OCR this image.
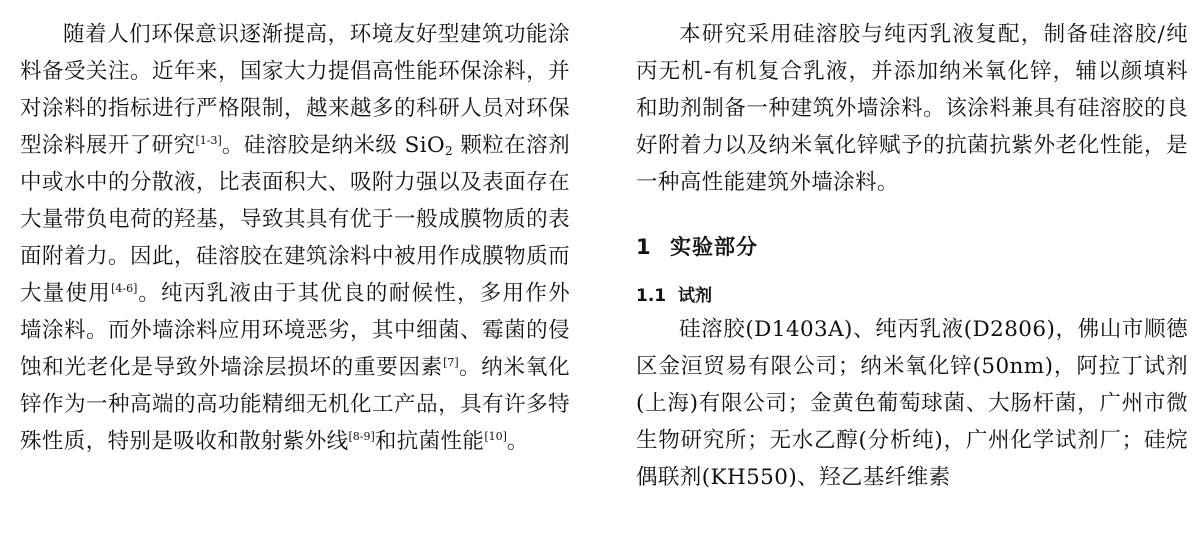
随着人们环保意识逐渐提高，环境友好型建筑功能涂料备受关注。近年来，国家大力提倡高性能环保涂料，并对涂料的指标进行严格限制，越来越多的科研人员对环保型涂料展开了研究[1-3]。硅溶胶是纳米级 SiO$_2$ 颗粒在溶剂中或水中的分散液，比表面积大、吸附力强以及表面存在大量带负电荷的羟基，导致其具有优于一般成膜物质的表面附着力。因此，硅溶胶在建筑涂料中被用作成膜物质而大量使用[4-6]。纯丙乳液由于其优良的耐候性，多用作外墙涂料。而外墙涂料应用环境恶劣，其中细菌、霉菌的侵蚀和光老化是导致外墙涂层损坏的重要因素[7]。纳米氧化锌作为一种高端的高功能精细无机化工产品，具有许多特殊性质，特别是吸收和散射紫外线[8-9]和抗菌性能[10]。

本研究采用硅溶胶与纯丙乳液复配，制备硅溶胶/纯丙无机-有机复合乳液，并添加纳米氧化锌，辅以颜填料和助剂制备一种建筑外墙涂料。该涂料兼具有硅溶胶的良好附着力以及纳米氧化锌赋予的抗菌抗紫外老化性能，是一种高性能建筑外墙涂料。

1 实验部分
1.1 试剂

硅溶胶(D1403A)、纯丙乳液(D2806)，佛山市顺德区金洹贸易有限公司；纳米氧化锌(50nm)，阿拉丁试剂(上海)有限公司；金黄色葡萄球菌、大肠杆菌，广州市微生物研究所；无水乙醇(分析纯)，广州化学试剂厂；硅烷偶联剂(KH550)、羟乙基纤维素
